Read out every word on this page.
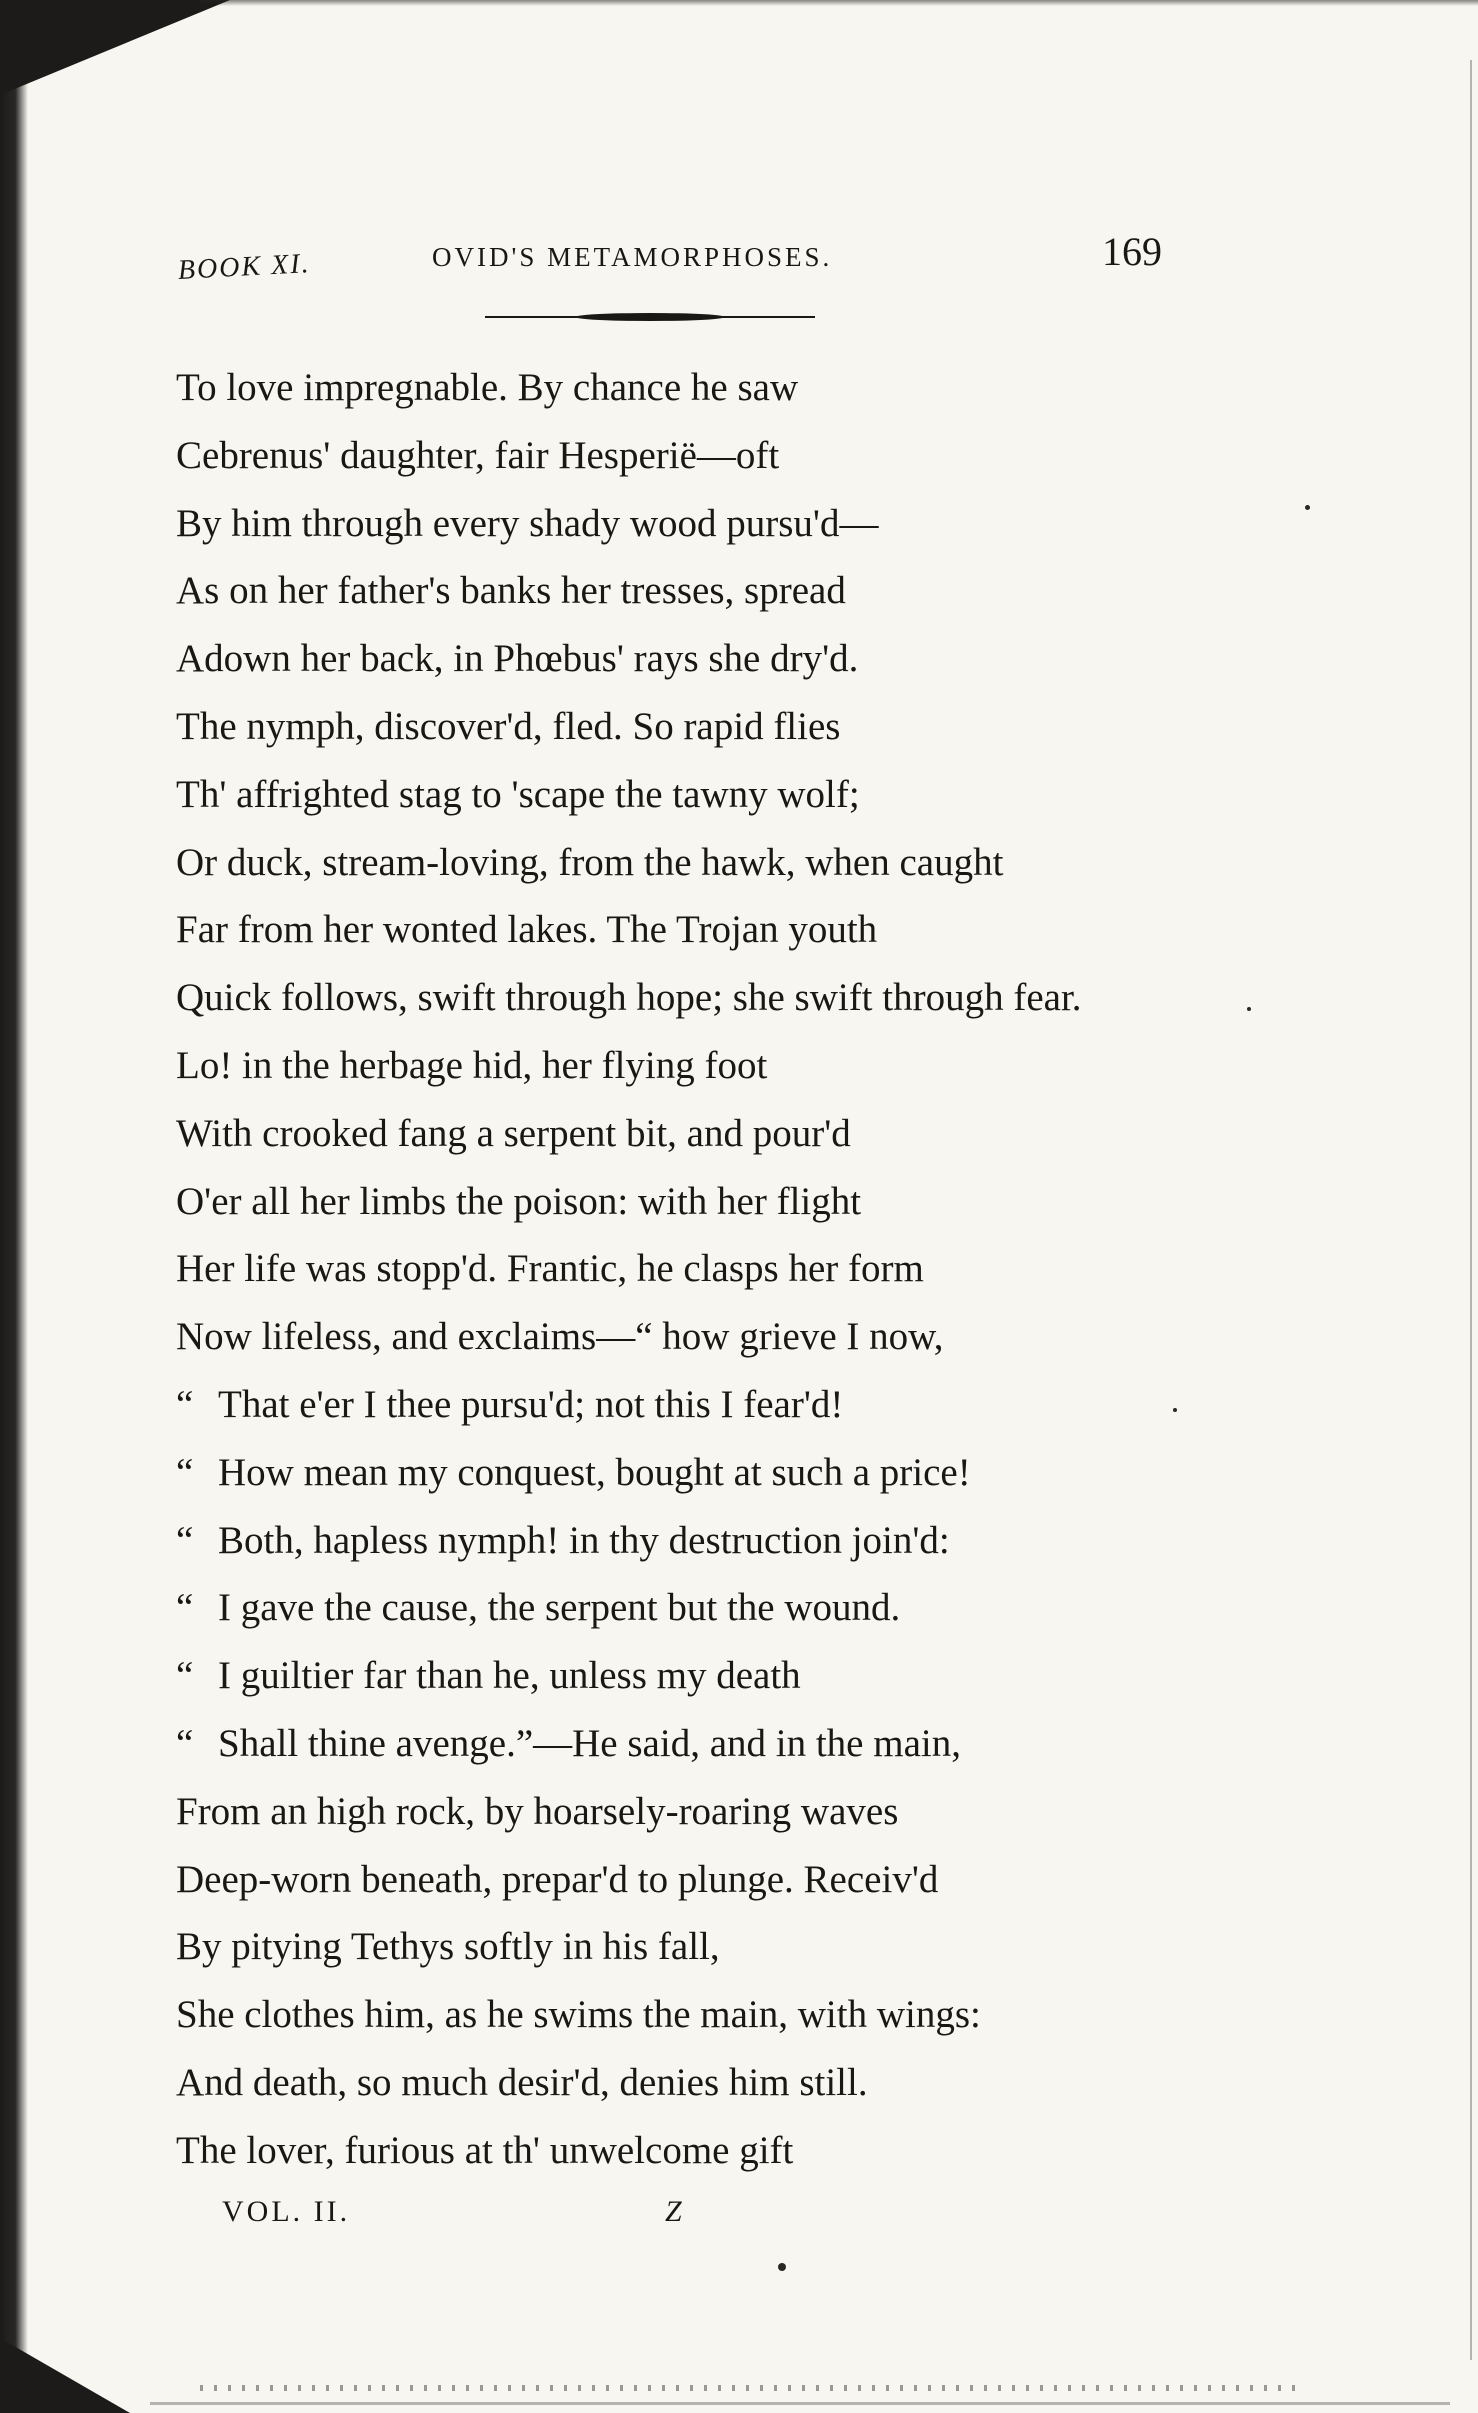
BOOK XI.	OVID'S METAMORPHOSES.	169
To love impregnable. By chance he saw
Cebrenus' daughter, fair Hesperië—oft
By him through every shady wood pursu'd—
As on her father's banks her tresses, spread
Adown her back, in Phœbus' rays she dry'd.
The nymph, discover'd, fled. So rapid flies
Th' affrighted stag to 'scape the tawny wolf;
Or duck, stream-loving, from the hawk, when caught
Far from her wonted lakes. The Trojan youth
Quick follows, swift through hope; she swift through fear.
Lo! in the herbage hid, her flying foot
With crooked fang a serpent bit, and pour'd
O'er all her limbs the poison: with her flight
Her life was stopp'd. Frantic, he clasps her form
Now lifeless, and exclaims—“ how grieve I now,
“ That e'er I thee pursu'd; not this I fear'd!
“ How mean my conquest, bought at such a price!
“ Both, hapless nymph! in thy destruction join'd:
“ I gave the cause, the serpent but the wound.
“ I guiltier far than he, unless my death
“ Shall thine avenge.”—He said, and in the main,
From an high rock, by hoarsely-roaring waves
Deep-worn beneath, prepar'd to plunge. Receiv'd
By pitying Tethys softly in his fall,
She clothes him, as he swims the main, with wings:
And death, so much desir'd, denies him still.
The lover, furious at th' unwelcome gift
VOL. II.	Z
